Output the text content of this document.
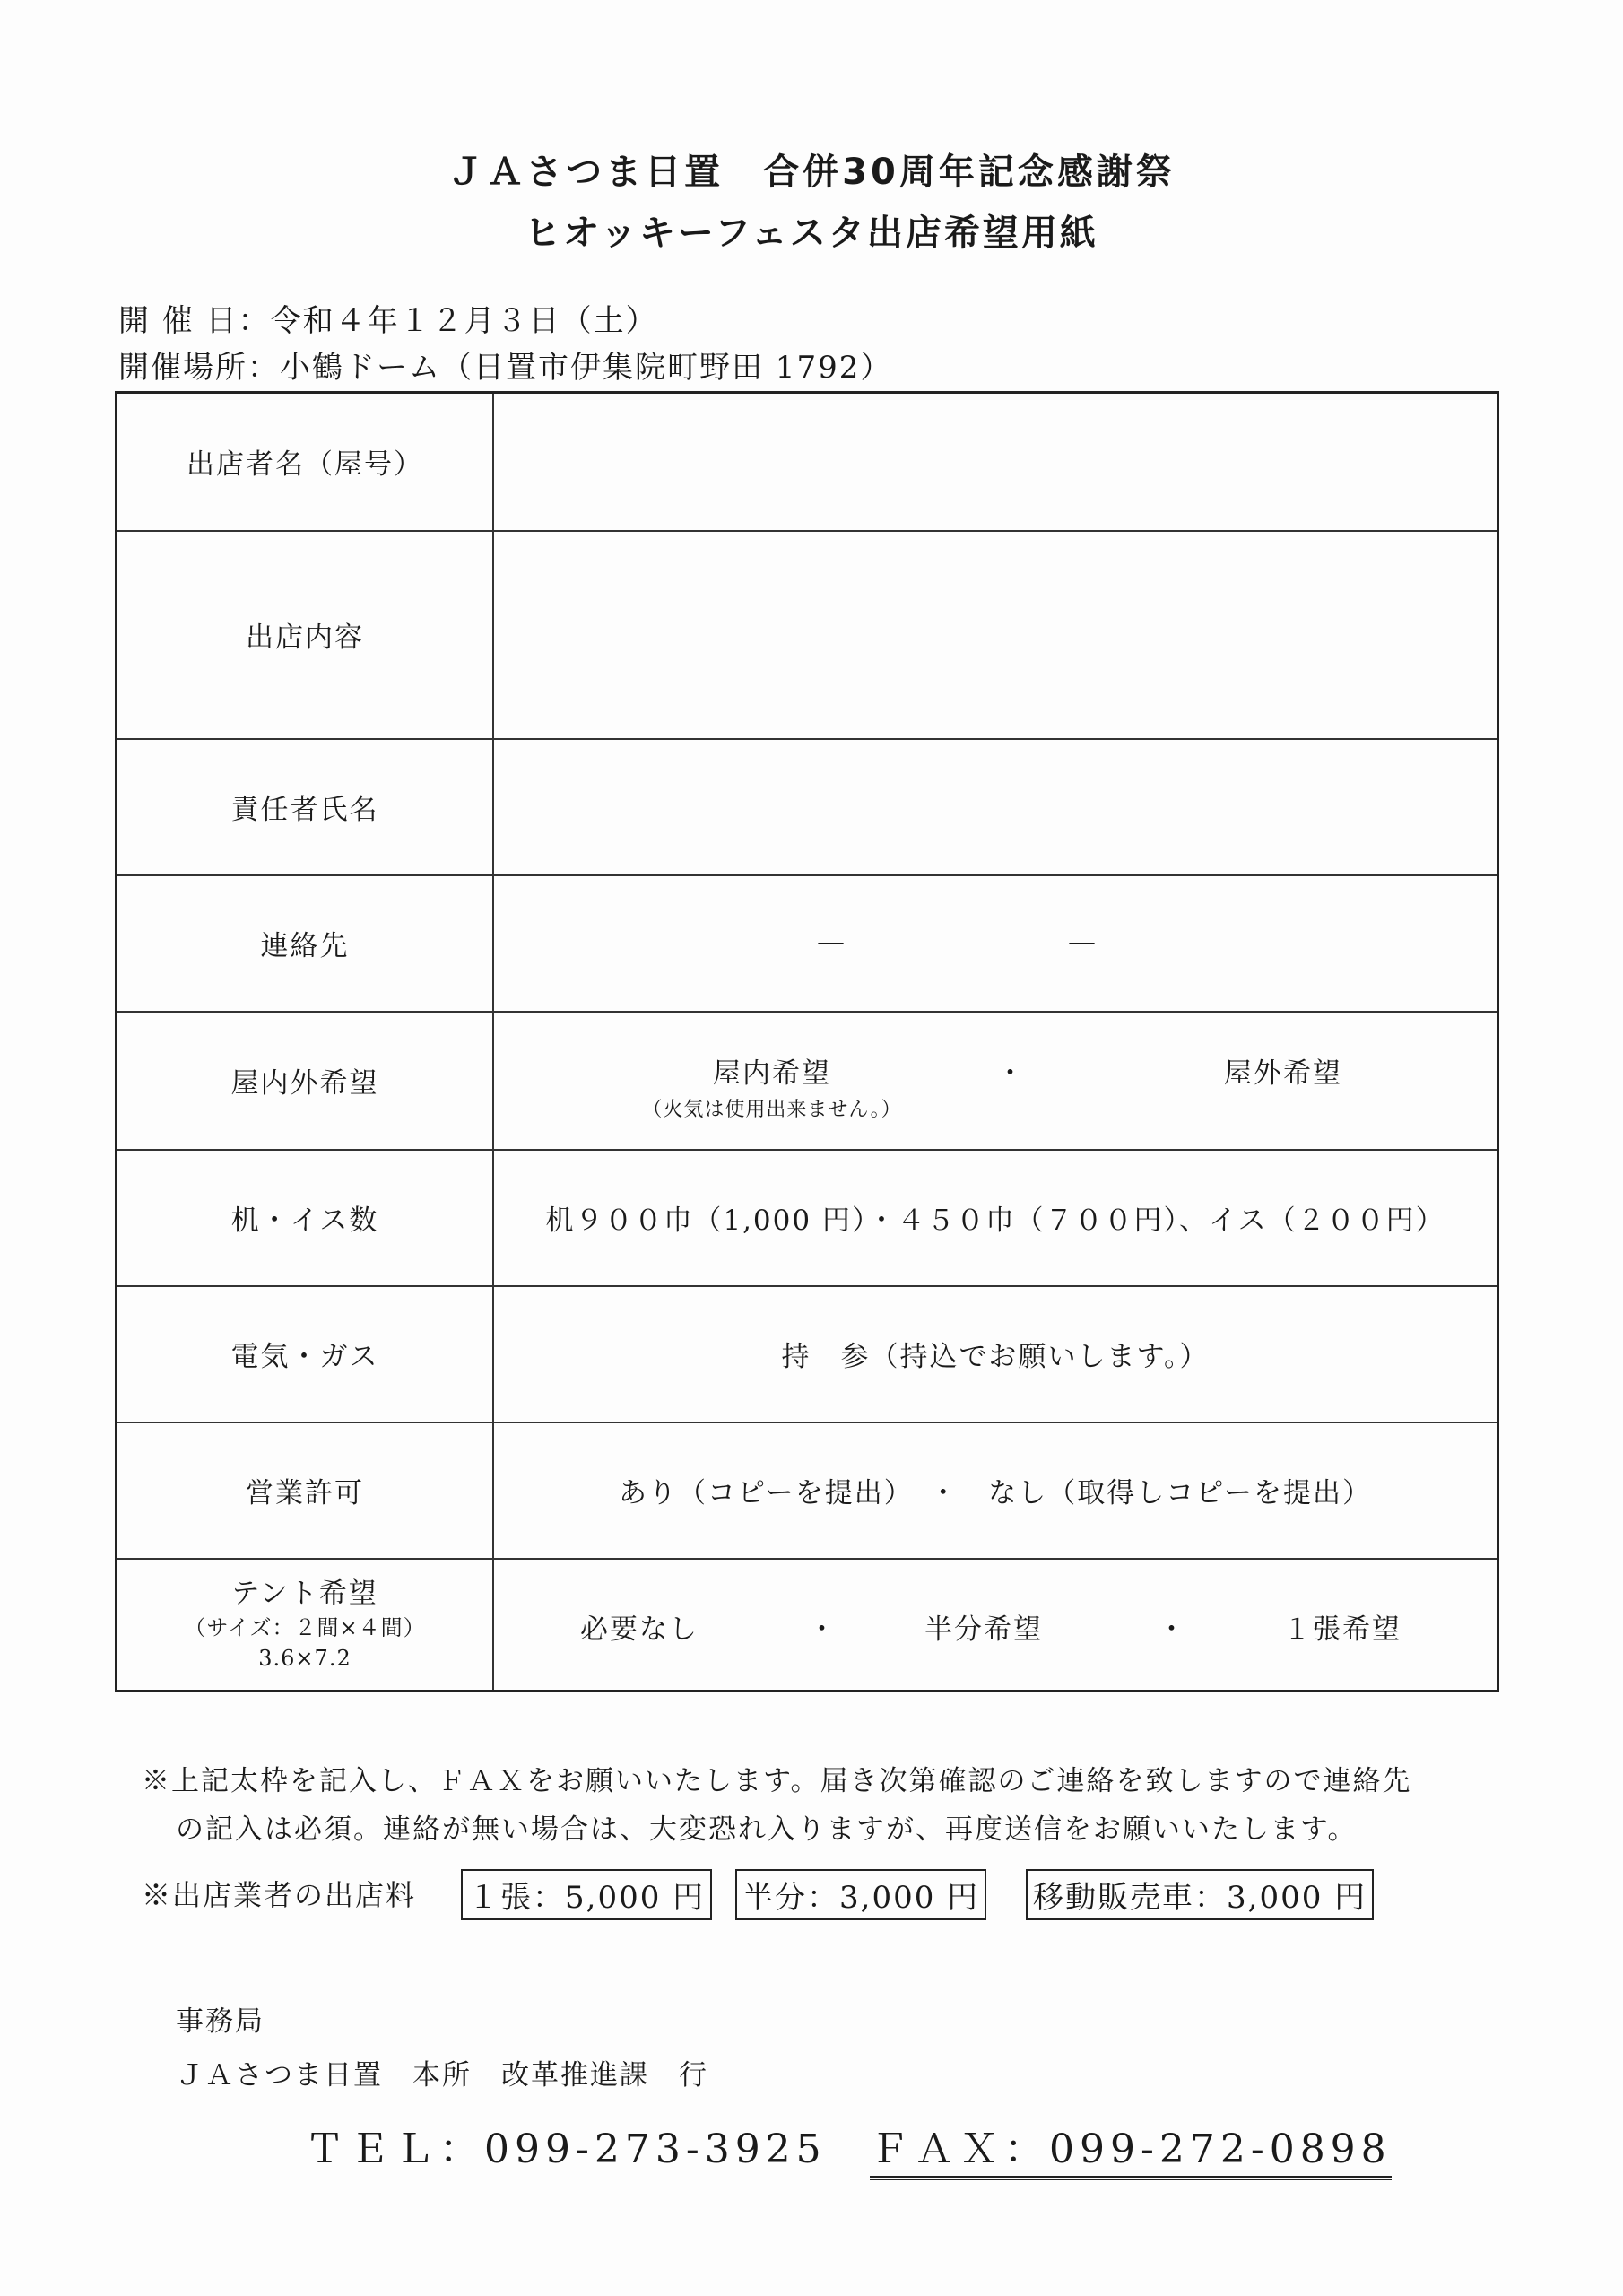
ＪＡさつま日置　合併30周年記念感謝祭
ヒオッキーフェスタ出店希望用紙
開 催 日：令和４年１２月３日（土）
開催場所：小鶴ドーム（日置市伊集院町野田 1792）
出店者名（屋号）	
出店内容	
責任者氏名	
連絡先	— —

屋内外希望	屋内希望
（火気は使用出来ません。）
・ 屋外希望

机・イス数	机９００巾（1,000 円）・４５０巾（７００円）、イス（２００円）
電気・ガス	持　参（持込でお願いします。）
営業許可	あり（コピーを提出）　・　なし（取得しコピーを提出）
テント希望
（サイズ：２間×４間）
3.6×7.2	必要なし ・ 半分希望 ・ １張希望
※上記太枠を記入し、ＦＡＸをお願いいたします。届き次第確認のご連絡を致しますので連絡先
の記入は必須。連絡が無い場合は、大変恐れ入りますが、再度送信をお願いいたします。
※出店業者の出店料 １張：5,000 円 半分：3,000 円 移動販売車：3,000 円
事務局
ＪＡさつま日置　本所　改革推進課　行
ＴＥＬ：099-273-3925 ＦＡＸ：099-272-0898
